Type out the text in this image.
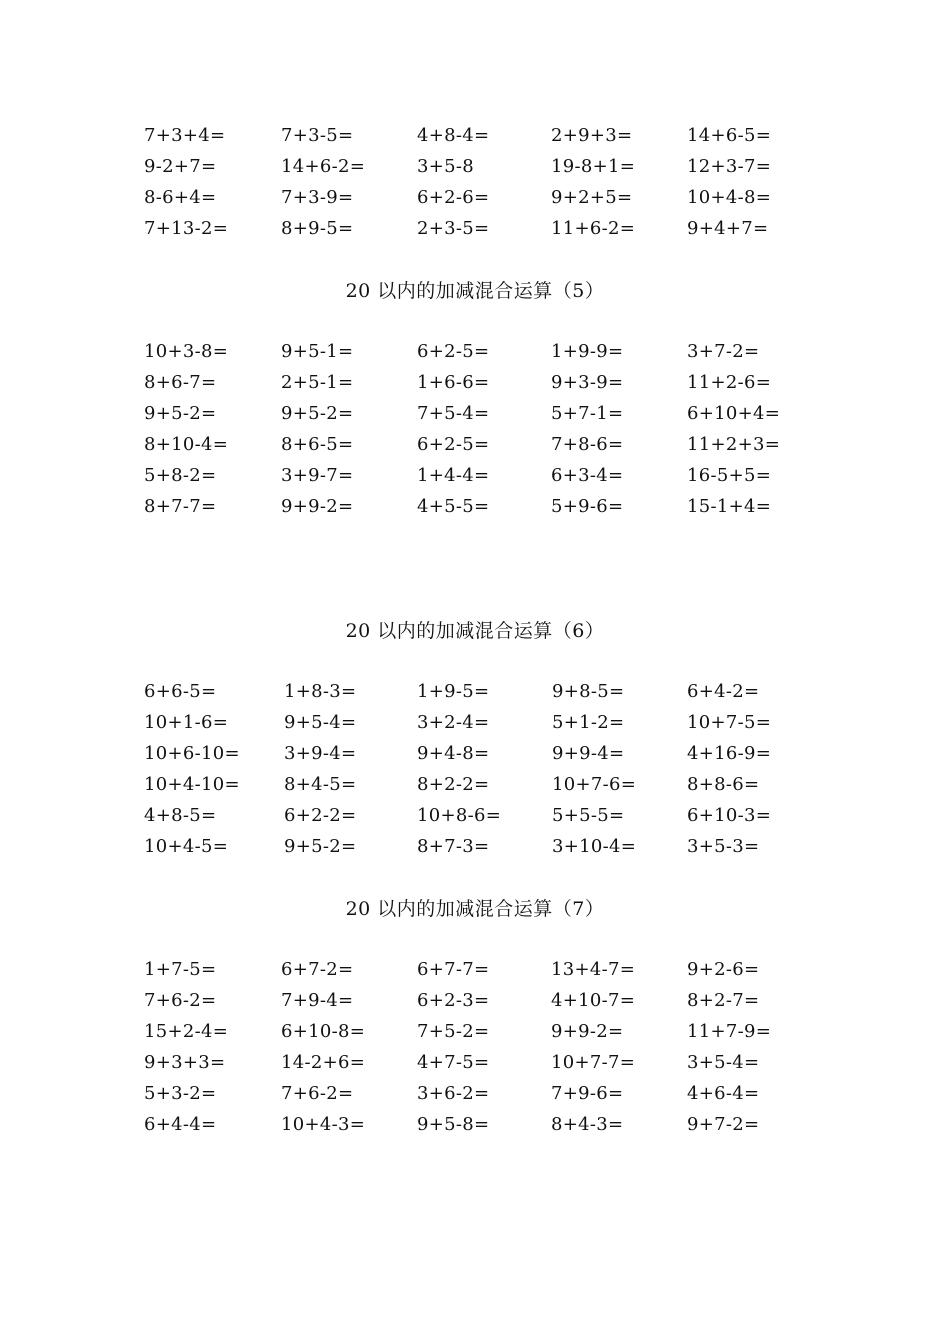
7+3+4=	7+3-5=	4+8-4=	2+9+3=	14+6-5=
9-2+7=	14+6-2=	3+5-8	19-8+1=	12+3-7=
8-6+4=	7+3-9=	6+2-6=	9+2+5=	10+4-8=
7+13-2=	8+9-5=	2+3-5=	11+6-2=	9+4+7=
20 以内的加减混合运算（5）
10+3-8=	9+5-1=	6+2-5=	1+9-9=	3+7-2=
8+6-7=	2+5-1=	1+6-6=	9+3-9=	11+2-6=
9+5-2=	9+5-2=	7+5-4=	5+7-1=	6+10+4=
8+10-4=	8+6-5=	6+2-5=	7+8-6=	11+2+3=
5+8-2=	3+9-7=	1+4-4=	6+3-4=	16-5+5=
8+7-7=	9+9-2=	4+5-5=	5+9-6=	15-1+4=
20 以内的加减混合运算（6）
6+6-5=	1+8-3=	1+9-5=	9+8-5=	6+4-2=
10+1-6=	9+5-4=	3+2-4=	5+1-2=	10+7-5=
10+6-10= 3+9-4=	9+4-8=	9+9-4=	4+16-9=
10+4-10= 8+4-5=	8+2-2=	10+7-6=	8+8-6=
4+8-5=	6+2-2=	10+8-6=	5+5-5=	6+10-3=
10+4-5=	9+5-2=	8+7-3=	3+10-4=	3+5-3=
20 以内的加减混合运算（7）
1+7-5=	6+7-2=	6+7-7=	13+4-7=	9+2-6=
7+6-2=	7+9-4=	6+2-3=	4+10-7=	8+2-7=
15+2-4=	6+10-8=	7+5-2=	9+9-2=	11+7-9=
9+3+3=	14-2+6=	4+7-5=	10+7-7=	3+5-4=
5+3-2=	7+6-2=	3+6-2=	7+9-6=	4+6-4=
6+4-4=	10+4-3=	9+5-8=	8+4-3=	9+7-2=
